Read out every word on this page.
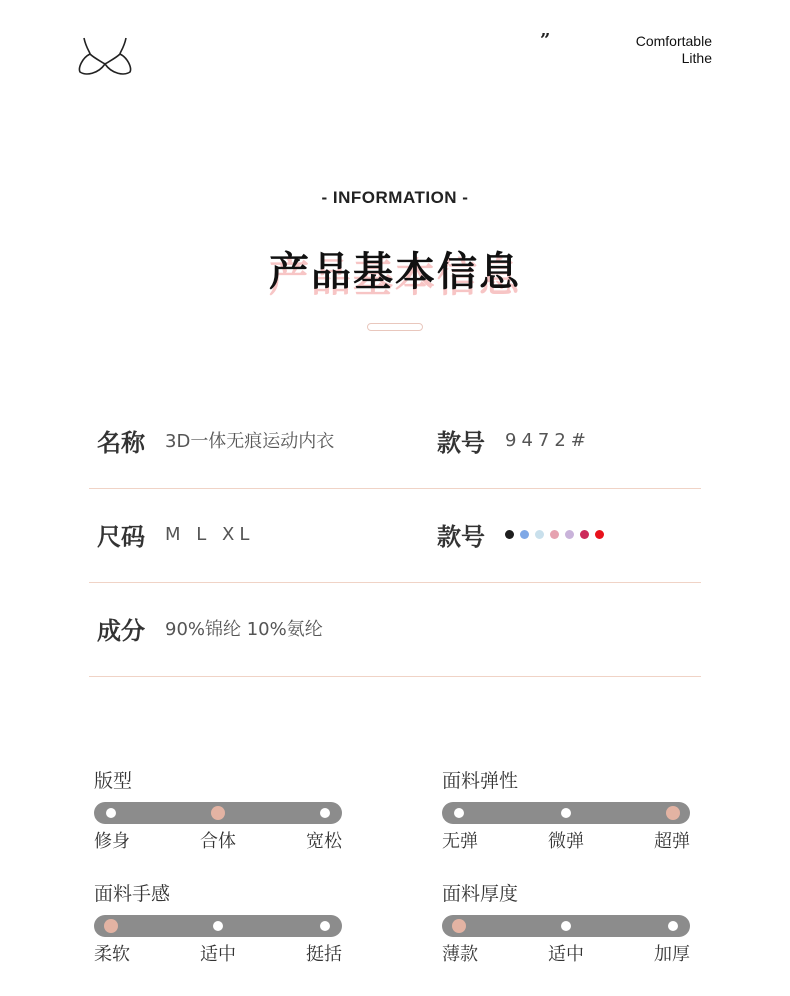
”	Comfortable
Lithe
- INFORMATION -
产品基本信息
名称 3D一体无痕运动内衣	款号 9472#
尺码 M L XL	款号
成分 90%锦纶 10%氨纶
版型
修身	合体	宽松
面料弹性
无弹	微弹	超弹
面料手感
柔软	适中	挺括
面料厚度
薄款	适中	加厚
